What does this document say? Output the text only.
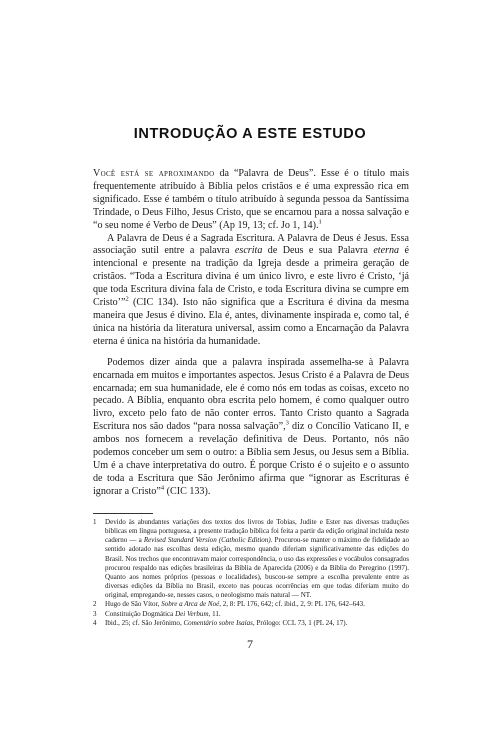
INTRODUÇÃO A ESTE ESTUDO

Você está se aproximando da “Palavra de Deus”. Esse é o título mais frequentemente atribuído à Bíblia pelos cristãos e é uma expressão rica em significado. Esse é também o título atribuído à segunda pessoa da Santíssima Trindade, o Deus Filho, Jesus Cristo, que se encarnou para a nossa salvação e “o seu nome é Verbo de Deus” (Ap 19, 13; cf. Jo 1, 14).$^1$

A Palavra de Deus é a Sagrada Escritura. A Palavra de Deus é Jesus. Essa associação sutil entre a palavra escrita de Deus e sua Palavra eterna é intencional e presente na tradição da Igreja desde a primeira geração de cristãos. “Toda a Escritura divina é um único livro, e este livro é Cristo, ‘já que toda Escritura divina fala de Cristo, e toda Escritura divina se cumpre em Cristo’”$^2$ (CIC 134). Isto não significa que a Escritura é divina da mesma maneira que Jesus é divino. Ela é, antes, divinamente inspirada e, como tal, é única na história da literatura universal, assim como a Encarnação da Palavra eterna é única na história da humanidade.

Podemos dizer ainda que a palavra inspirada assemelha-se à Palavra encarnada em muitos e importantes aspectos. Jesus Cristo é a Palavra de Deus encarnada; em sua humanidade, ele é como nós em todas as coisas, exceto no pecado. A Bíblia, enquanto obra escrita pelo homem, é como qualquer outro livro, exceto pelo fato de não conter erros. Tanto Cristo quanto a Sagrada Escritura nos são dados “para nossa salvação”,$^3$ diz o Concílio Vaticano II, e ambos nos fornecem a revelação definitiva de Deus. Portanto, nós não podemos conceber um sem o outro: a Bíblia sem Jesus, ou Jesus sem a Bíblia. Um é a chave interpretativa do outro. É porque Cristo é o sujeito e o assunto de toda a Escritura que São Jerônimo afirma que “ignorar as Escrituras é ignorar a Cristo”$^4$ (CIC 133).

1 Devido às abundantes variações dos textos dos livros de Tobias, Judite e Ester nas diversas traduções bíblicas em língua portuguesa, a presente tradução bíblica foi feita a partir da edição original incluída neste caderno — a Revised Standard Version (Catholic Edition). Procurou-se manter o máximo de fidelidade ao sentido adotado nas escolhas desta edição, mesmo quando diferiam significativamente das edições do Brasil. Nos trechos que encontravam maior correspondência, o uso das expressões e vocábulos consagrados procurou respaldo nas edições brasileiras da Bíblia de Aparecida (2006) e da Bíblia do Peregrino (1997). Quanto aos nomes próprios (pessoas e localidades), buscou-se sempre a escolha prevalente entre as diversas edições da Bíblia no Brasil, exceto nas poucas ocorrências em que todas diferiam muito do original, empregando-se, nesses casos, o neologismo mais natural — NT.

2 Hugo de São Vítor, Sobre a Arca de Noé, 2, 8: PL 176, 642; cf. ibid., 2, 9: PL 176, 642–643.

3 Constituição Dogmática Dei Verbum, 11.

4 Ibid., 25; cf. São Jerônimo, Comentário sobre Isaías, Prólogo: CCL 73, 1 (PL 24, 17).

7
